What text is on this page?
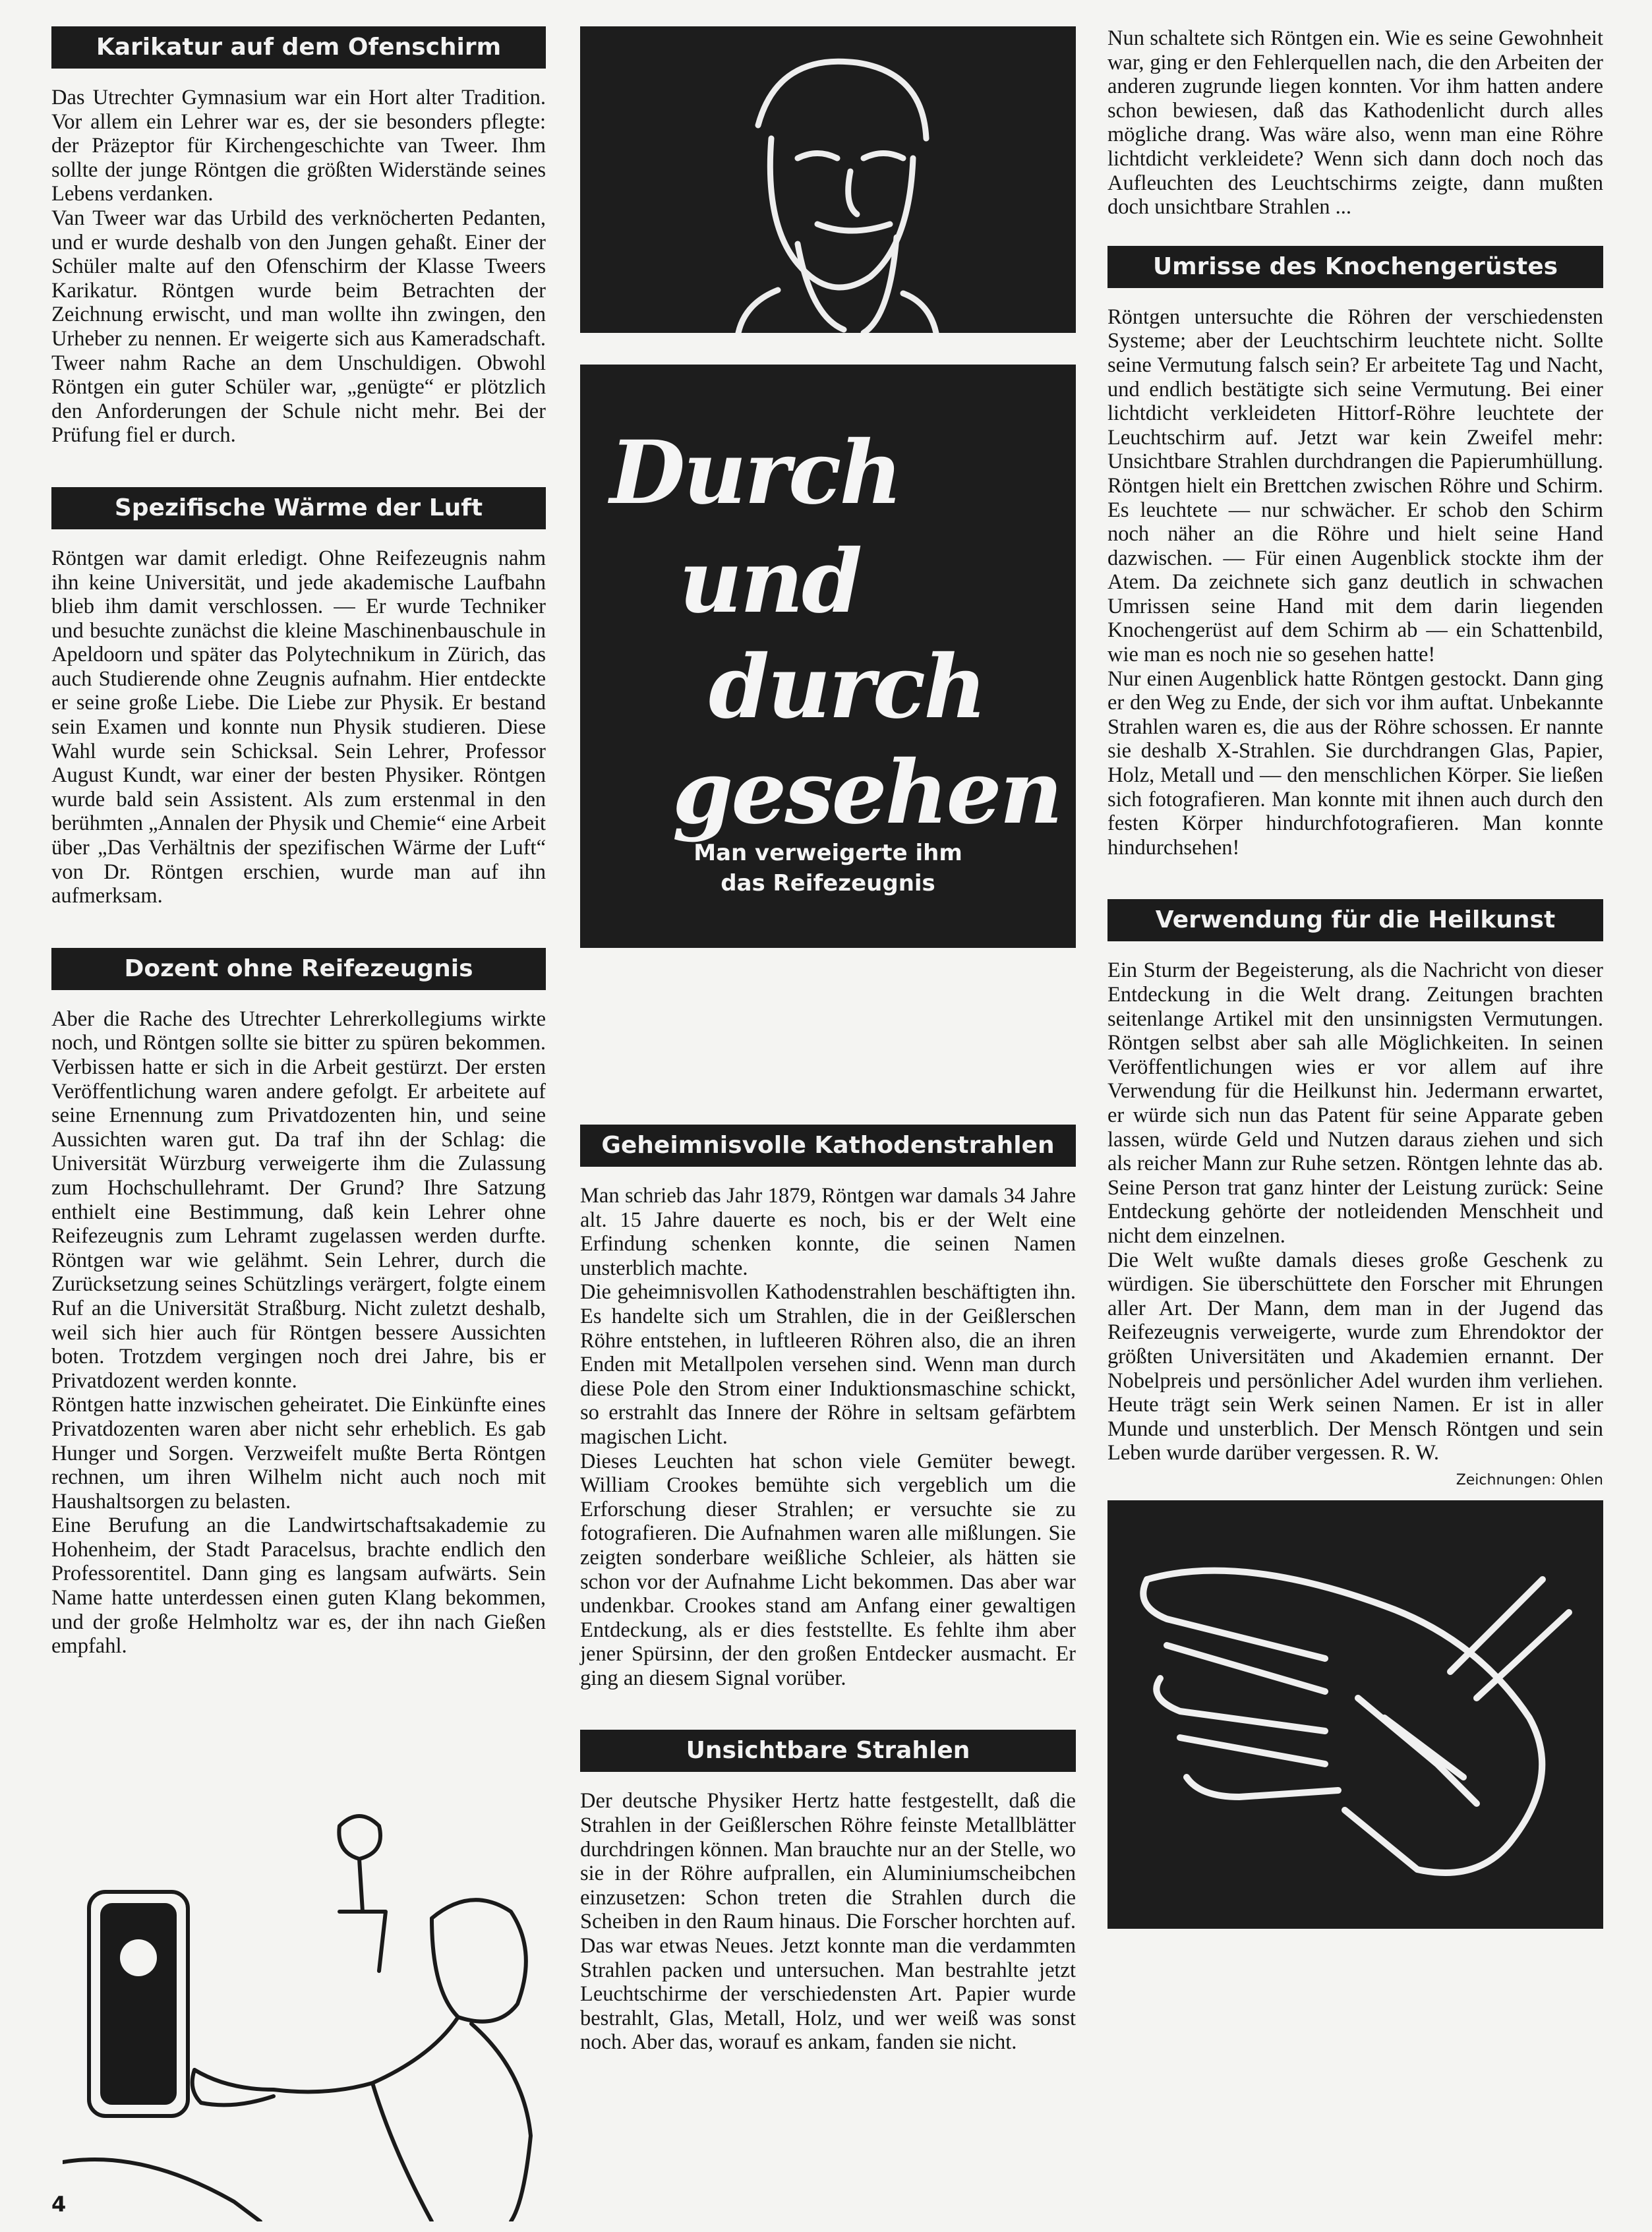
Karikatur auf dem Ofenschirm

Das Utrechter Gymnasium war ein Hort alter Tradition. Vor allem ein Lehrer war es, der sie besonders pflegte: der Präzeptor für Kirchengeschichte van Tweer. Ihm sollte der junge Röntgen die größten Widerstände seines Lebens verdanken.

Van Tweer war das Urbild des verknöcherten Pedanten, und er wurde deshalb von den Jungen gehaßt. Einer der Schüler malte auf den Ofenschirm der Klasse Tweers Karikatur. Röntgen wurde beim Betrachten der Zeichnung erwischt, und man wollte ihn zwingen, den Urheber zu nennen. Er weigerte sich aus Kameradschaft. Tweer nahm Rache an dem Unschuldigen. Obwohl Röntgen ein guter Schüler war, „genügte“ er plötzlich den Anforderungen der Schule nicht mehr. Bei der Prüfung fiel er durch.

Spezifische Wärme der Luft

Röntgen war damit erledigt. Ohne Reifezeugnis nahm ihn keine Universität, und jede akademische Laufbahn blieb ihm damit verschlossen. — Er wurde Techniker und besuchte zunächst die kleine Maschinenbauschule in Apeldoorn und später das Polytechnikum in Zürich, das auch Studierende ohne Zeugnis aufnahm. Hier entdeckte er seine große Liebe. Die Liebe zur Physik. Er bestand sein Examen und konnte nun Physik studieren. Diese Wahl wurde sein Schicksal. Sein Lehrer, Professor August Kundt, war einer der besten Physiker. Röntgen wurde bald sein Assistent. Als zum erstenmal in den berühmten „Annalen der Physik und Chemie“ eine Arbeit über „Das Verhältnis der spezifischen Wärme der Luft“ von Dr. Röntgen erschien, wurde man auf ihn aufmerksam.

Dozent ohne Reifezeugnis

Aber die Rache des Utrechter Lehrerkollegiums wirkte noch, und Röntgen sollte sie bitter zu spüren bekommen. Verbissen hatte er sich in die Arbeit gestürzt. Der ersten Veröffentlichung waren andere gefolgt. Er arbeitete auf seine Ernennung zum Privatdozenten hin, und seine Aussichten waren gut. Da traf ihn der Schlag: die Universität Würzburg verweigerte ihm die Zulassung zum Hochschullehramt. Der Grund? Ihre Satzung enthielt eine Bestimmung, daß kein Lehrer ohne Reifezeugnis zum Lehramt zugelassen werden durfte. Röntgen war wie gelähmt. Sein Lehrer, durch die Zurücksetzung seines Schützlings verärgert, folgte einem Ruf an die Universität Straßburg. Nicht zuletzt deshalb, weil sich hier auch für Röntgen bessere Aussichten boten. Trotzdem vergingen noch drei Jahre, bis er Privatdozent werden konnte.

Röntgen hatte inzwischen geheiratet. Die Einkünfte eines Privatdozenten waren aber nicht sehr erheblich. Es gab Hunger und Sorgen. Verzweifelt mußte Berta Röntgen rechnen, um ihren Wilhelm nicht auch noch mit Haushaltsorgen zu belasten.

Eine Berufung an die Landwirtschaftsakademie zu Hohenheim, der Stadt Paracelsus, brachte endlich den Professorentitel. Dann ging es langsam aufwärts. Sein Name hatte unterdessen einen guten Klang bekommen, und der große Helmholtz war es, der ihn nach Gießen empfahl.

Durch
und
durch
gesehen
Man verweigerte ihm
das Reifezeugnis
Geheimnisvolle Kathodenstrahlen

Man schrieb das Jahr 1879, Röntgen war damals 34 Jahre alt. 15 Jahre dauerte es noch, bis er der Welt eine Erfindung schenken konnte, die seinen Namen unsterblich machte.

Die geheimnisvollen Kathodenstrahlen beschäftigten ihn. Es handelte sich um Strahlen, die in der Geißlerschen Röhre entstehen, in luftleeren Röhren also, die an ihren Enden mit Metallpolen versehen sind. Wenn man durch diese Pole den Strom einer Induktionsmaschine schickt, so erstrahlt das Innere der Röhre in seltsam gefärbtem magischen Licht.

Dieses Leuchten hat schon viele Gemüter bewegt. William Crookes bemühte sich vergeblich um die Erforschung dieser Strahlen; er versuchte sie zu fotografieren. Die Aufnahmen waren alle mißlungen. Sie zeigten sonderbare weißliche Schleier, als hätten sie schon vor der Aufnahme Licht bekommen. Das aber war undenkbar. Crookes stand am Anfang einer gewaltigen Entdeckung, als er dies feststellte. Es fehlte ihm aber jener Spürsinn, der den großen Entdecker ausmacht. Er ging an diesem Signal vorüber.

Unsichtbare Strahlen

Der deutsche Physiker Hertz hatte festgestellt, daß die Strahlen in der Geißlerschen Röhre feinste Metallblätter durchdringen können. Man brauchte nur an der Stelle, wo sie in der Röhre aufprallen, ein Aluminiumscheibchen einzusetzen: Schon treten die Strahlen durch die Scheiben in den Raum hinaus. Die Forscher horchten auf. Das war etwas Neues. Jetzt konnte man die verdammten Strahlen packen und untersuchen. Man bestrahlte jetzt Leuchtschirme der verschiedensten Art. Papier wurde bestrahlt, Glas, Metall, Holz, und wer weiß was sonst noch. Aber das, worauf es ankam, fanden sie nicht.

Nun schaltete sich Röntgen ein. Wie es seine Gewohnheit war, ging er den Fehlerquellen nach, die den Arbeiten der anderen zugrunde liegen konnten. Vor ihm hatten andere schon bewiesen, daß das Kathodenlicht durch alles mögliche drang. Was wäre also, wenn man eine Röhre lichtdicht verkleidete? Wenn sich dann doch noch das Aufleuchten des Leuchtschirms zeigte, dann mußten doch unsichtbare Strahlen ...

Umrisse des Knochengerüstes

Röntgen untersuchte die Röhren der verschiedensten Systeme; aber der Leuchtschirm leuchtete nicht. Sollte seine Vermutung falsch sein? Er arbeitete Tag und Nacht, und endlich bestätigte sich seine Vermutung. Bei einer lichtdicht verkleideten Hittorf-Röhre leuchtete der Leuchtschirm auf. Jetzt war kein Zweifel mehr: Unsichtbare Strahlen durchdrangen die Papierumhüllung. Röntgen hielt ein Brettchen zwischen Röhre und Schirm. Es leuchtete — nur schwächer. Er schob den Schirm noch näher an die Röhre und hielt seine Hand dazwischen. — Für einen Augenblick stockte ihm der Atem. Da zeichnete sich ganz deutlich in schwachen Umrissen seine Hand mit dem darin liegenden Knochengerüst auf dem Schirm ab — ein Schattenbild, wie man es noch nie so gesehen hatte!

Nur einen Augenblick hatte Röntgen gestockt. Dann ging er den Weg zu Ende, der sich vor ihm auftat. Unbekannte Strahlen waren es, die aus der Röhre schossen. Er nannte sie deshalb X-Strahlen. Sie durchdrangen Glas, Papier, Holz, Metall und — den menschlichen Körper. Sie ließen sich fotografieren. Man konnte mit ihnen auch durch den festen Körper hindurchfotografieren. Man konnte hindurchsehen!

Verwendung für die Heilkunst

Ein Sturm der Begeisterung, als die Nachricht von dieser Entdeckung in die Welt drang. Zeitungen brachten seitenlange Artikel mit den unsinnigsten Vermutungen. Röntgen selbst aber sah alle Möglichkeiten. In seinen Veröffentlichungen wies er vor allem auf ihre Verwendung für die Heilkunst hin. Jedermann erwartet, er würde sich nun das Patent für seine Apparate geben lassen, würde Geld und Nutzen daraus ziehen und sich als reicher Mann zur Ruhe setzen. Röntgen lehnte das ab. Seine Person trat ganz hinter der Leistung zurück: Seine Entdeckung gehörte der notleidenden Menschheit und nicht dem einzelnen.

Die Welt wußte damals dieses große Geschenk zu würdigen. Sie überschüttete den Forscher mit Ehrungen aller Art. Der Mann, dem man in der Jugend das Reifezeugnis verweigerte, wurde zum Ehrendoktor der größten Universitäten und Akademien ernannt. Der Nobelpreis und persönlicher Adel wurden ihm verliehen. Heute trägt sein Werk seinen Namen. Er ist in aller Munde und unsterblich. Der Mensch Röntgen und sein Leben wurde darüber vergessen. R. W.

Zeichnungen: Ohlen
4
